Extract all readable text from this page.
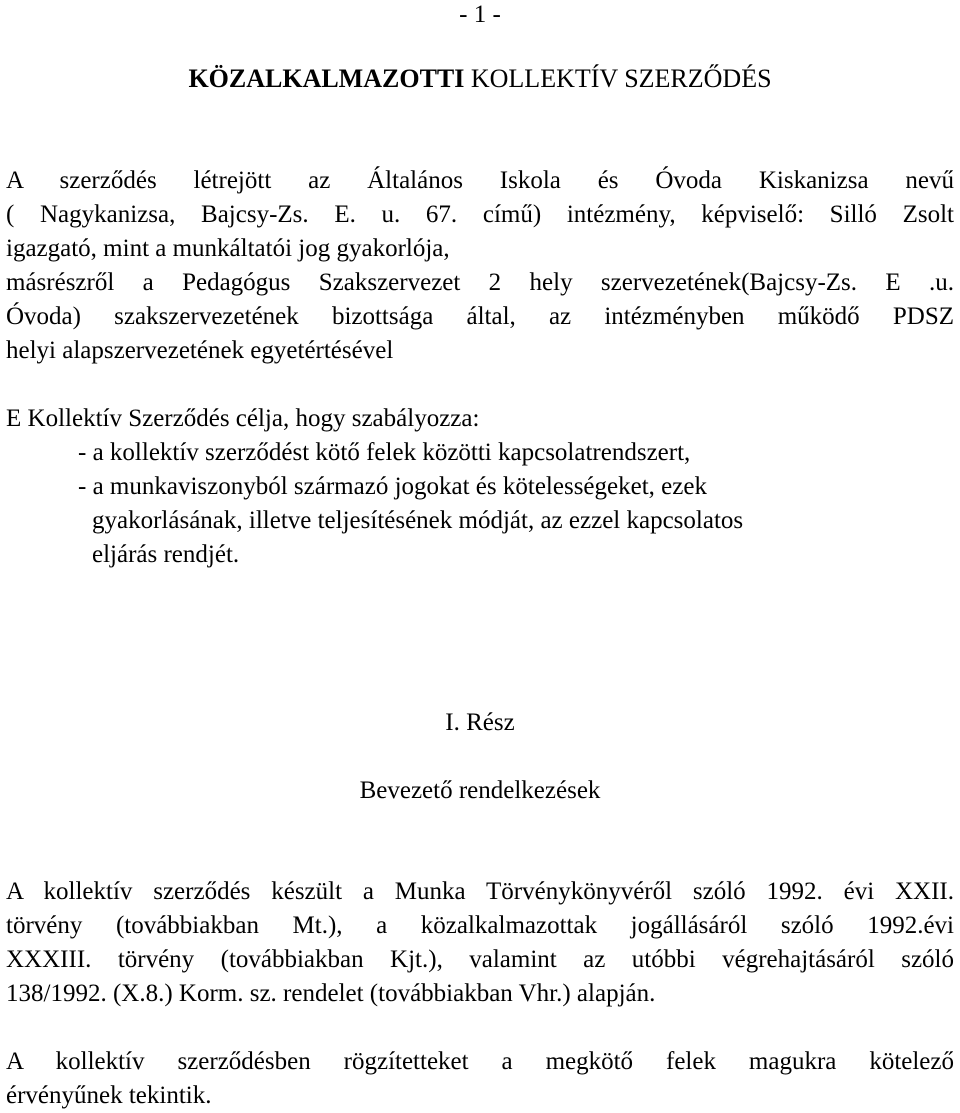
- 1 -
KÖZALKALMAZOTTI KOLLEKTÍV SZERZŐDÉS
A szerződés létrejött az Általános Iskola és Óvoda Kiskanizsa nevű
( Nagykanizsa, Bajcsy-Zs. E. u. 67. című) intézmény, képviselő: Silló Zsolt
igazgató, mint a munkáltatói jog gyakorlója,
másrészről a Pedagógus Szakszervezet 2 hely szervezetének(Bajcsy-Zs. E .u.
Óvoda) szakszervezetének bizottsága által, az intézményben működő PDSZ
helyi alapszervezetének egyetértésével
E Kollektív Szerződés célja, hogy szabályozza:
- a kollektív szerződést kötő felek közötti kapcsolatrendszert,
- a munkaviszonyból származó jogokat és kötelességeket, ezek
gyakorlásának, illetve teljesítésének módját, az ezzel kapcsolatos
eljárás rendjét.
I. Rész
Bevezető rendelkezések
A kollektív szerződés készült a Munka Törvénykönyvéről szóló 1992. évi XXII.
törvény (továbbiakban Mt.), a közalkalmazottak jogállásáról szóló 1992.évi
XXXIII. törvény (továbbiakban Kjt.), valamint az utóbbi végrehajtásáról szóló
138/1992. (X.8.) Korm. sz. rendelet (továbbiakban Vhr.) alapján.
A kollektív szerződésben rögzítetteket a megkötő felek magukra kötelező
érvényűnek tekintik.
